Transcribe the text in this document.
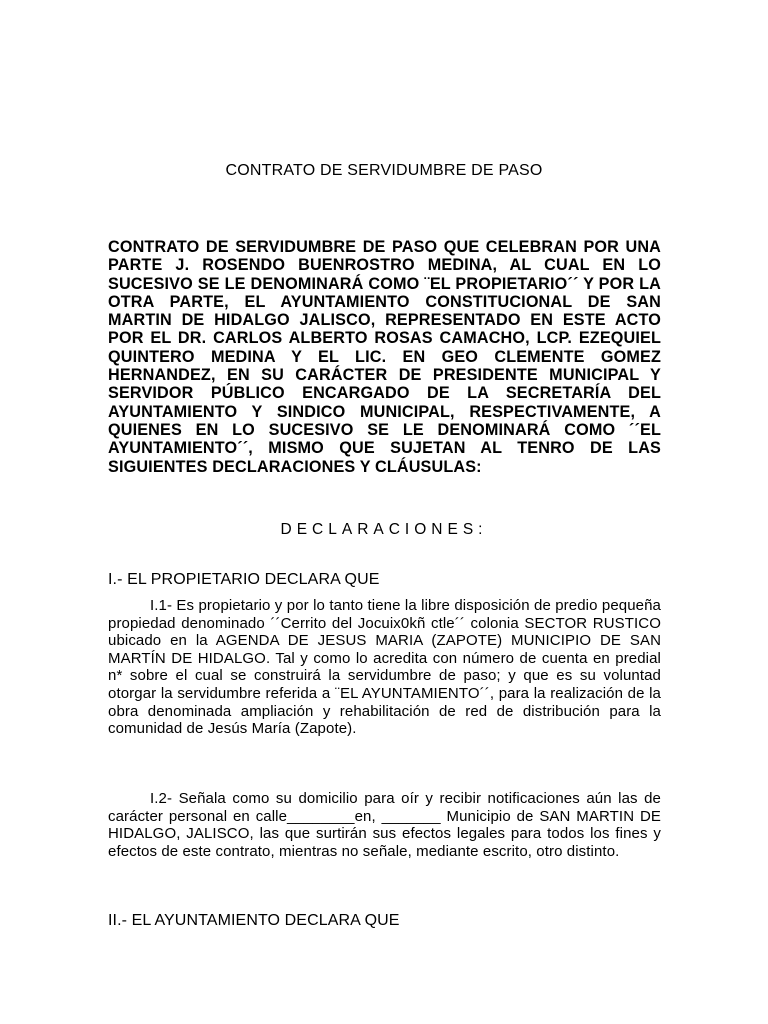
CONTRATO DE SERVIDUMBRE DE PASO

CONTRATO DE SERVIDUMBRE DE PASO QUE CELEBRAN POR UNA PARTE J. ROSENDO BUENROSTRO MEDINA, AL CUAL EN LO SUCESIVO SE LE DENOMINARÁ COMO ¨EL PROPIETARIO´´ Y POR LA OTRA PARTE, EL AYUNTAMIENTO CONSTITUCIONAL DE SAN MARTIN DE HIDALGO JALISCO, REPRESENTADO EN ESTE ACTO POR EL DR. CARLOS ALBERTO ROSAS CAMACHO, LCP. EZEQUIEL QUINTERO MEDINA Y EL LIC. EN GEO CLEMENTE GOMEZ HERNANDEZ, EN SU CARÁCTER DE PRESIDENTE MUNICIPAL Y SERVIDOR PÚBLICO ENCARGADO DE LA SECRETARÍA DEL AYUNTAMIENTO Y SINDICO MUNICIPAL, RESPECTIVAMENTE, A QUIENES EN LO SUCESIVO SE LE DENOMINARÁ COMO ´´EL AYUNTAMIENTO´´, MISMO QUE SUJETAN AL TENRO DE LAS SIGUIENTES DECLARACIONES Y CLÁUSULAS:

DECLARACIONES:
I.- EL PROPIETARIO DECLARA QUE

I.1- Es propietario y por lo tanto tiene la libre disposición de predio pequeña propiedad denominado ´´Cerrito del Jocuix0kñ ctle´´ colonia SECTOR RUSTICO ubicado en la AGENDA DE JESUS MARIA (ZAPOTE) MUNICIPIO DE SAN MARTÍN DE HIDALGO. Tal y como lo acredita con número de cuenta en predial n* sobre el cual se construirá la servidumbre de paso; y que es su voluntad otorgar la servidumbre referida a ¨EL AYUNTAMIENTO´´, para la realización de la obra denominada ampliación y rehabilitación de red de distribución para la comunidad de Jesús María (Zapote).

I.2- Señala como su domicilio para oír y recibir notificaciones aún las de carácter personal en calle________en, _______ Municipio de SAN MARTIN DE HIDALGO, JALISCO, las que surtirán sus efectos legales para todos los fines y efectos de este contrato, mientras no señale, mediante escrito, otro distinto.

II.- EL AYUNTAMIENTO DECLARA QUE
